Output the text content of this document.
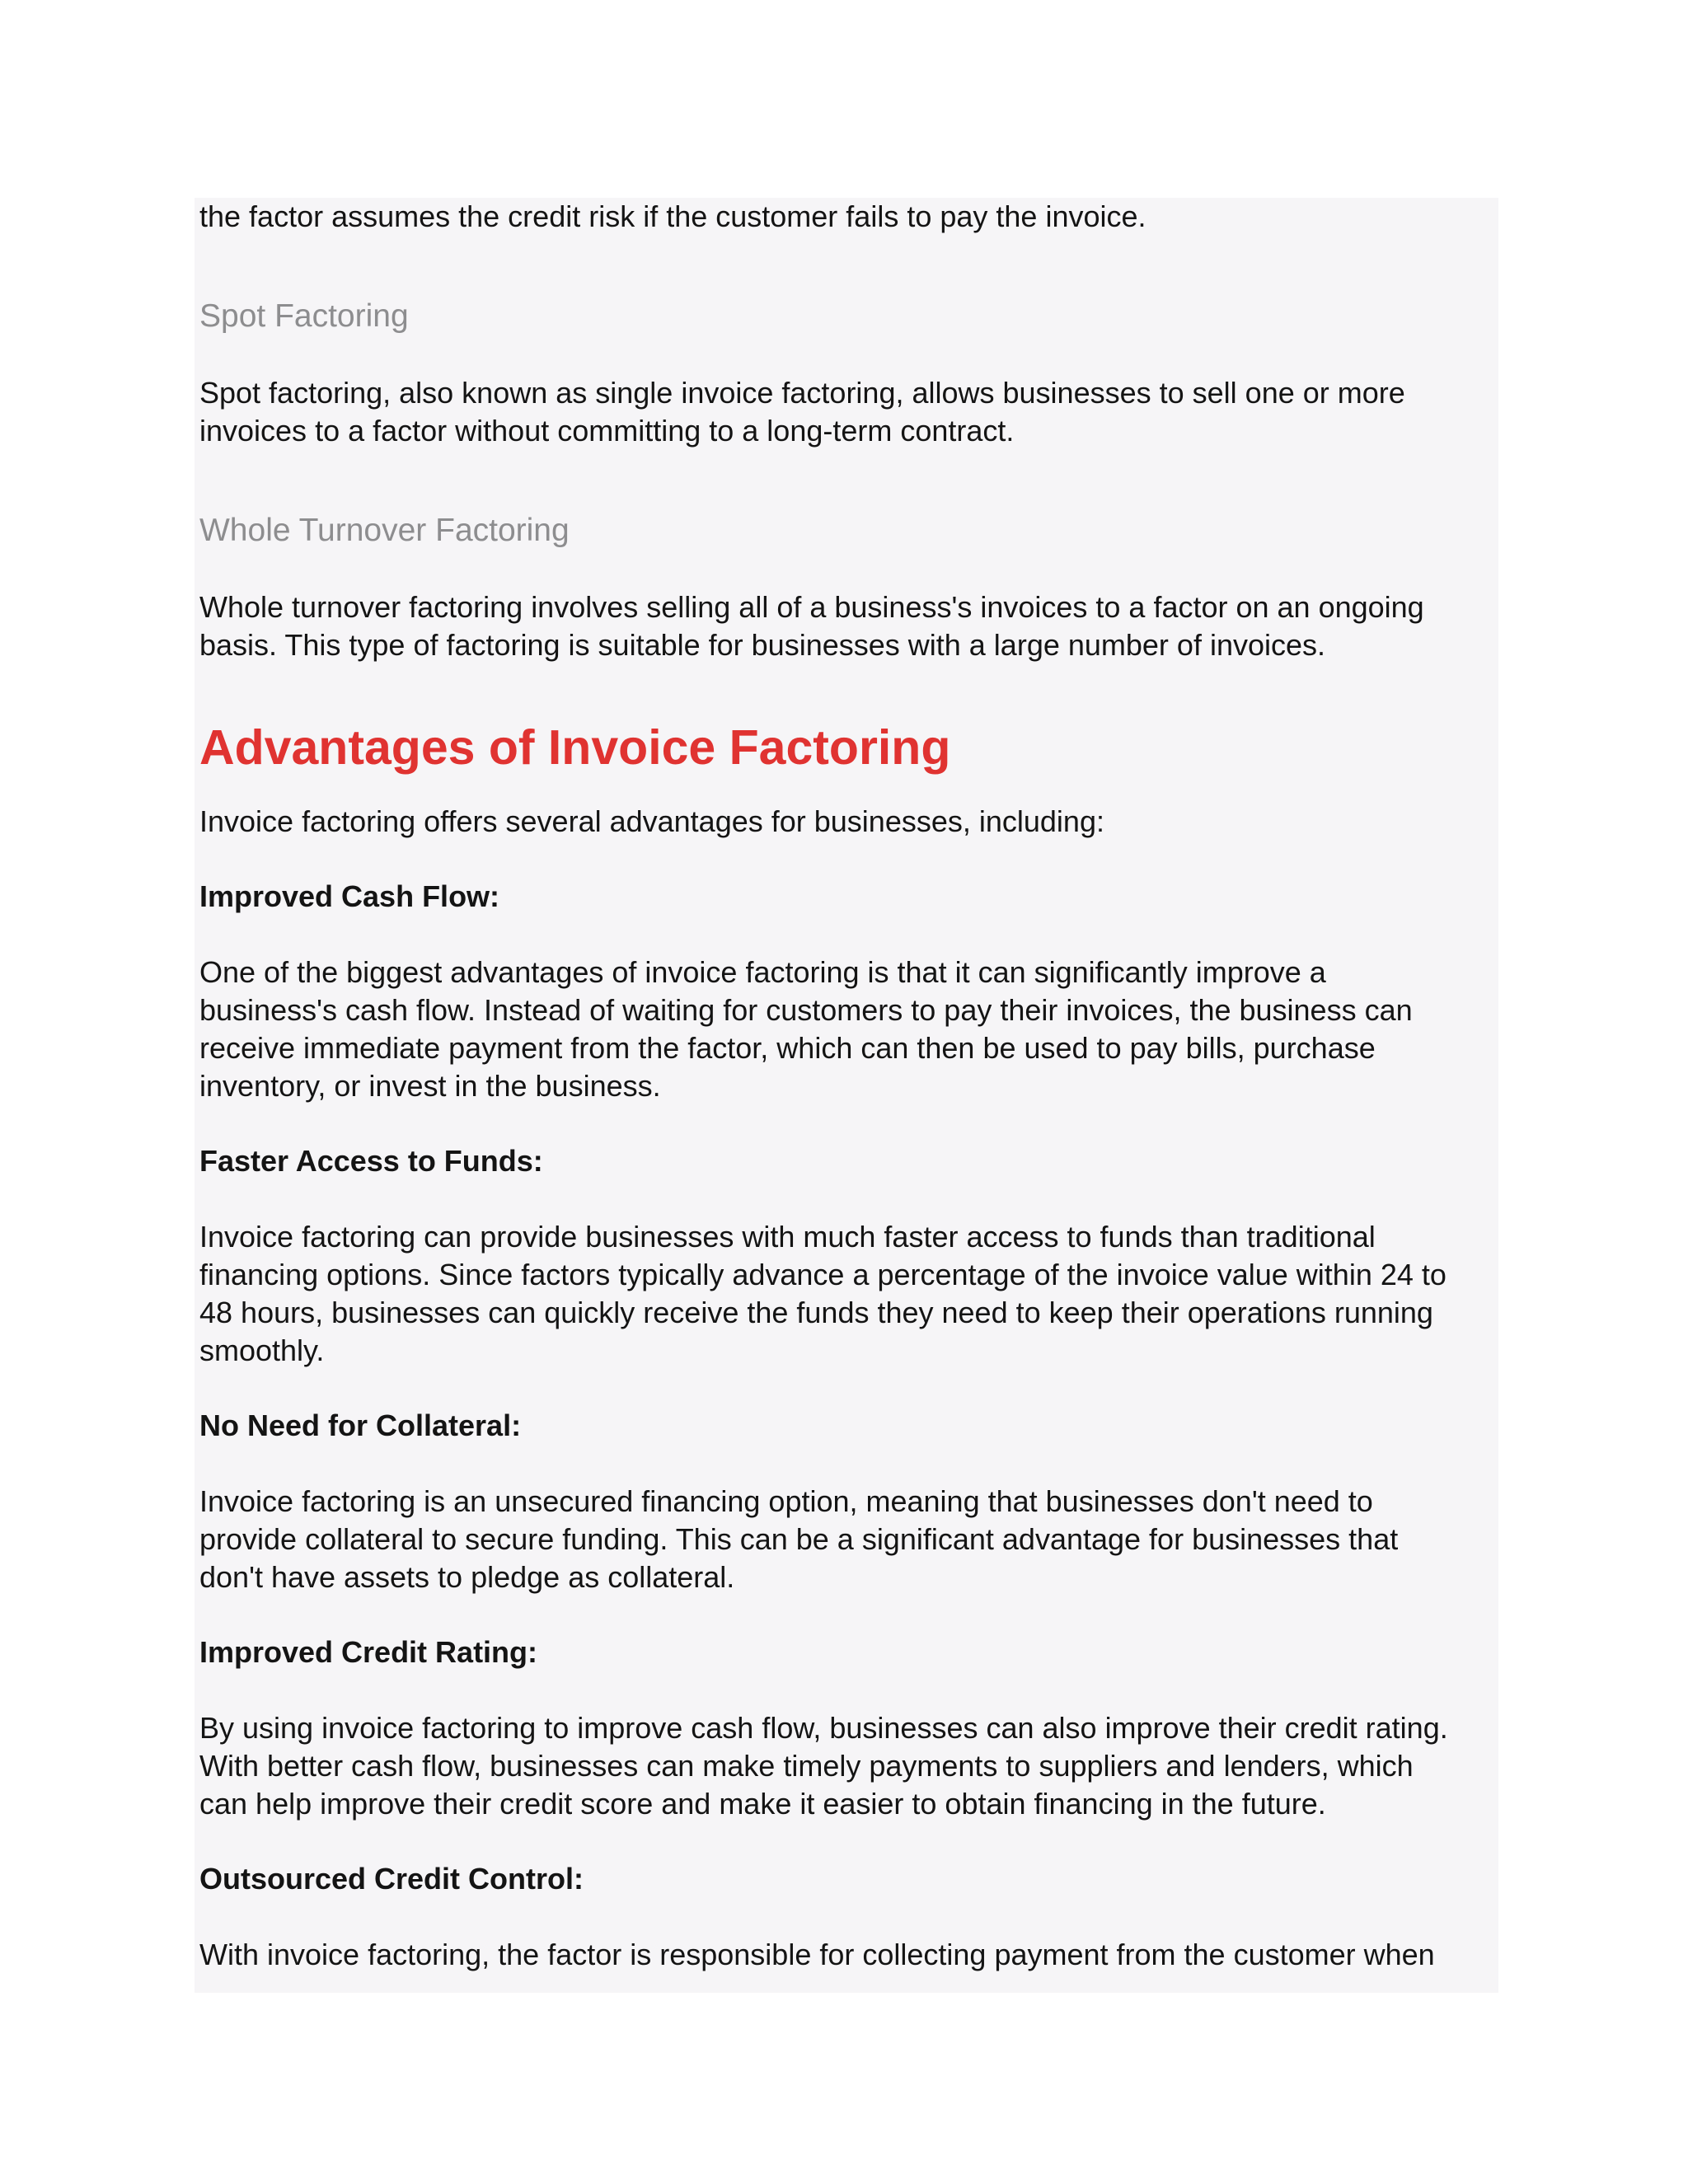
the factor assumes the credit risk if the customer fails to pay the invoice.

Spot Factoring

Spot factoring, also known as single invoice factoring, allows businesses to sell one or more
invoices to a factor without committing to a long-term contract.

Whole Turnover Factoring

Whole turnover factoring involves selling all of a business's invoices to a factor on an ongoing
basis. This type of factoring is suitable for businesses with a large number of invoices.

Advantages of Invoice Factoring

Invoice factoring offers several advantages for businesses, including:

Improved Cash Flow:

One of the biggest advantages of invoice factoring is that it can significantly improve a
business's cash flow. Instead of waiting for customers to pay their invoices, the business can
receive immediate payment from the factor, which can then be used to pay bills, purchase
inventory, or invest in the business.

Faster Access to Funds:

Invoice factoring can provide businesses with much faster access to funds than traditional
financing options. Since factors typically advance a percentage of the invoice value within 24 to
48 hours, businesses can quickly receive the funds they need to keep their operations running
smoothly.

No Need for Collateral:

Invoice factoring is an unsecured financing option, meaning that businesses don't need to
provide collateral to secure funding. This can be a significant advantage for businesses that
don't have assets to pledge as collateral.

Improved Credit Rating:

By using invoice factoring to improve cash flow, businesses can also improve their credit rating.
With better cash flow, businesses can make timely payments to suppliers and lenders, which
can help improve their credit score and make it easier to obtain financing in the future.

Outsourced Credit Control:

With invoice factoring, the factor is responsible for collecting payment from the customer when
